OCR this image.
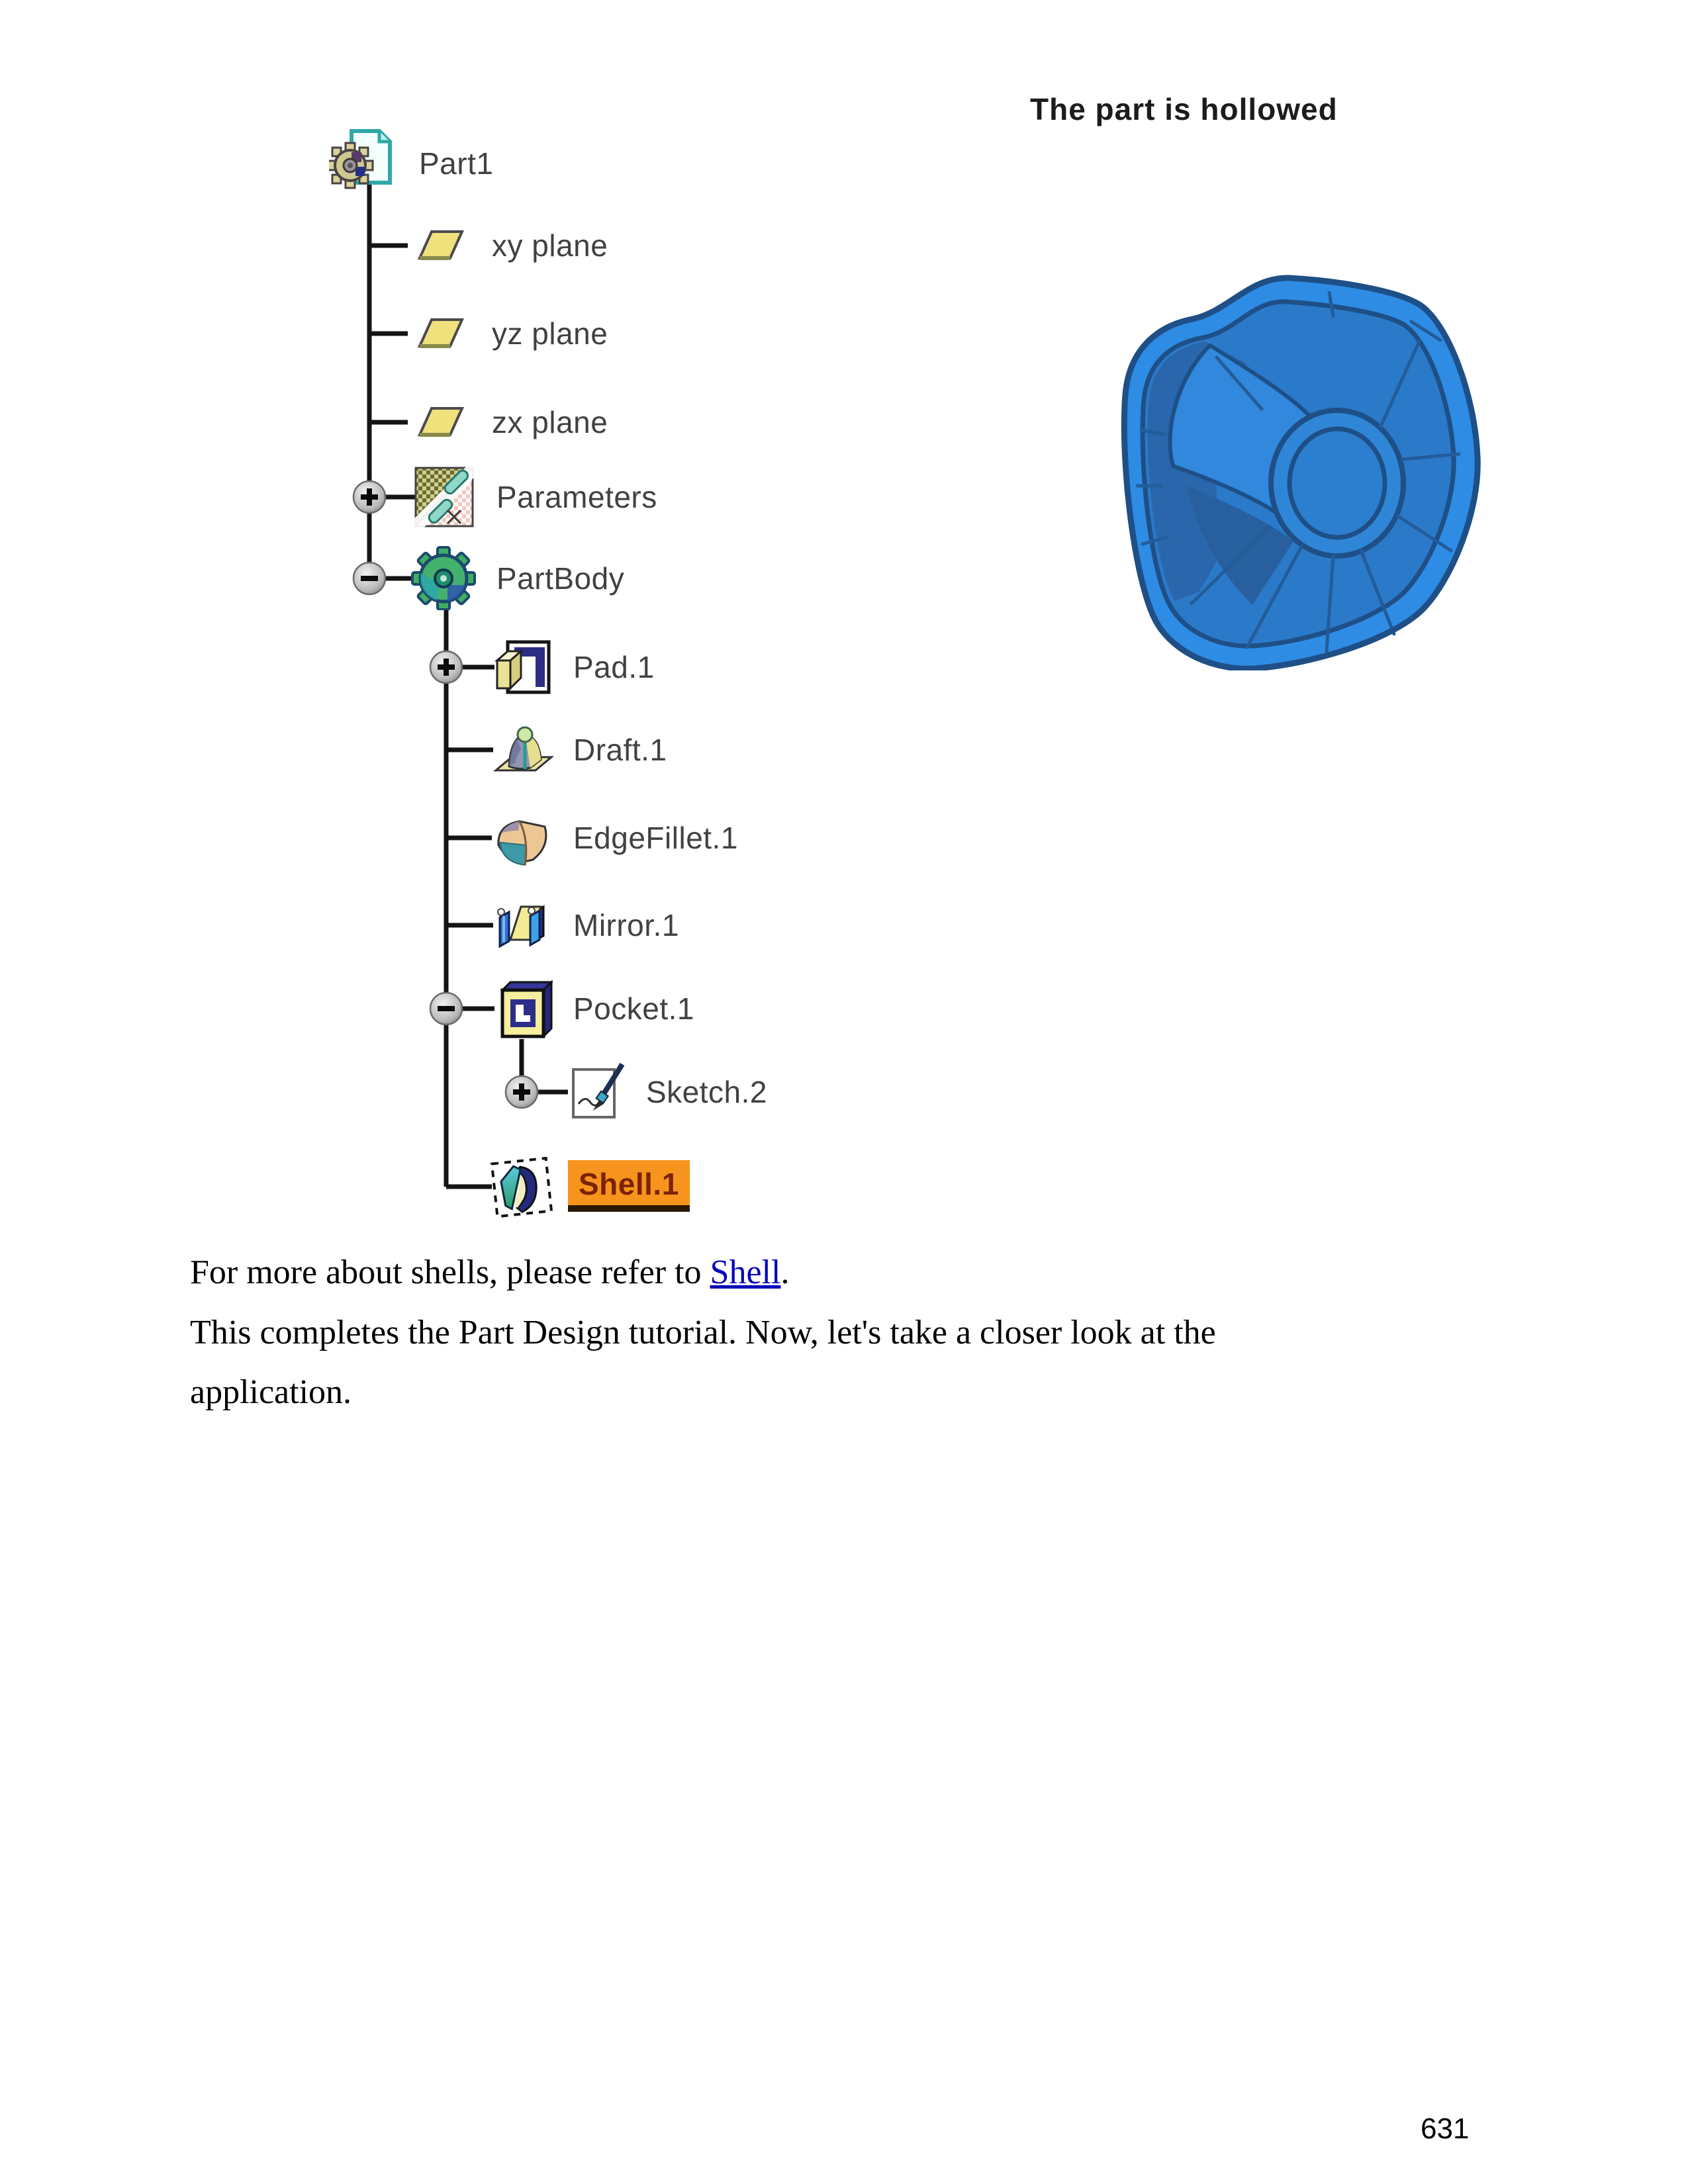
Part1
xy plane
yz plane
zx plane
Parameters
PartBody
Pad.1
Draft.1
EdgeFillet.1
Mirror.1
Pocket.1
Sketch.2
Shell.1
The part is hollowed
For more about shells, please refer to Shell.
This completes the Part Design tutorial. Now, let's take a closer look at the application.
631
